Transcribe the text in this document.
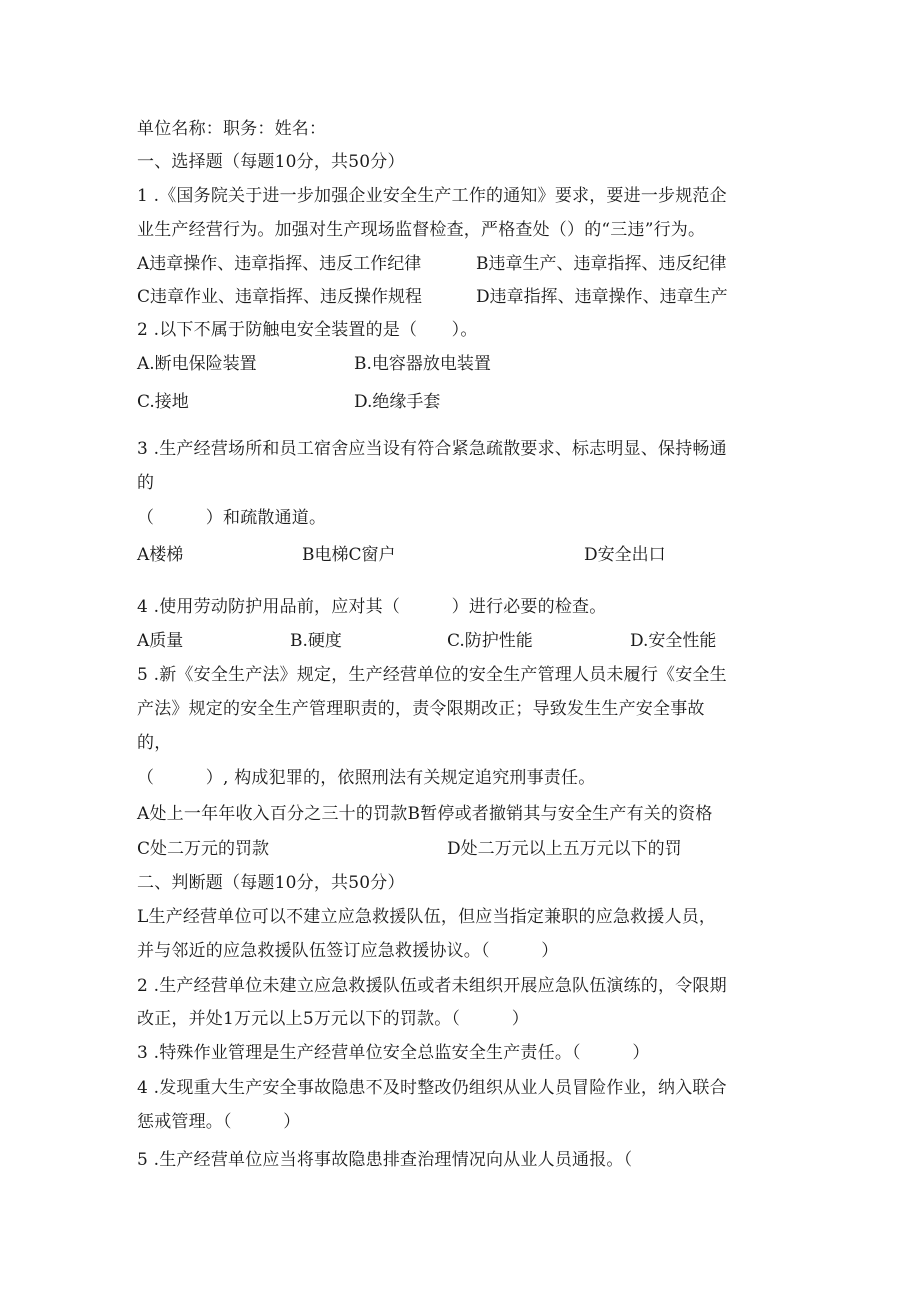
单位名称：职务：姓名：
一、选择题（每题10分，共50分）
1 .《国务院关于进一步加强企业安全生产工作的通知》要求，要进一步规范企
业生产经营行为。加强对生产现场监督检查，严格查处（）的“三违”行为。
A违章操作、违章指挥、违反工作纪律	B违章生产、违章指挥、违反纪律
C违章作业、违章指挥、违反操作规程	D违章指挥、违章操作、违章生产
2 .以下不属于防触电安全装置的是（　　）。
A.断电保险装置	B.电容器放电装置
C.接地	D.绝缘手套
3 .生产经营场所和员工宿舍应当设有符合紧急疏散要求、标志明显、保持畅通
的
（　　　）和疏散通道。
A楼梯	B电梯C窗户	D安全出口
4 .使用劳动防护用品前，应对其（　　　）进行必要的检查。
A质量	B.硬度	C.防护性能	D.安全性能
5 .新《安全生产法》规定，生产经营单位的安全生产管理人员未履行《安全生
产法》规定的安全生产管理职责的，责令限期改正；导致发生生产安全事故
的，
（　　　）, 构成犯罪的，依照刑法有关规定追究刑事责任。
A处上一年年收入百分之三十的罚款B暂停或者撤销其与安全生产有关的资格
C处二万元的罚款	D处二万元以上五万元以下的罚
二、判断题（每题10分，共50分）
L生产经营单位可以不建立应急救援队伍，但应当指定兼职的应急救援人员，
并与邻近的应急救援队伍签订应急救援协议。（　　　）
2 .生产经营单位未建立应急救援队伍或者未组织开展应急队伍演练的，令限期
改正，并处1万元以上5万元以下的罚款。（　　　）
3 .特殊作业管理是生产经营单位安全总监安全生产责任。（　　　）
4 .发现重大生产安全事故隐患不及时整改仍组织从业人员冒险作业，纳入联合
惩戒管理。（　　　）
5 .生产经营单位应当将事故隐患排查治理情况向从业人员通报。（
